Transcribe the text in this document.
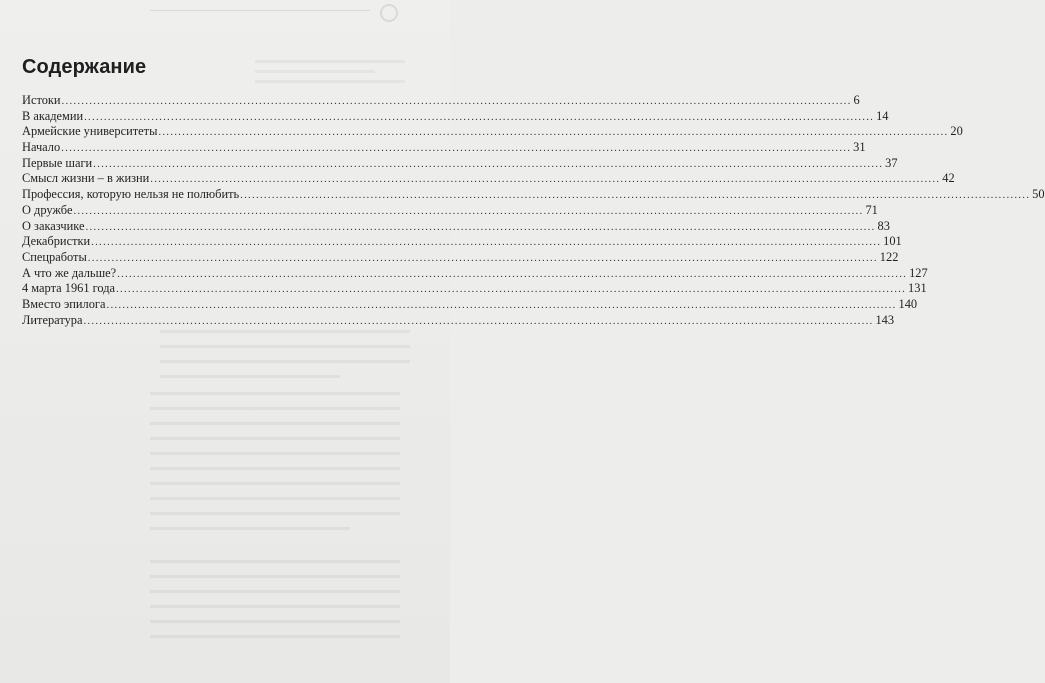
Содержание
Истоки ........................................................................................................................................................................................................ 6
В академии ........................................................................................................................................................................................................ 14
Армейские университеты ........................................................................................................................................................................................................ 20
Начало ........................................................................................................................................................................................................ 31
Первые шаги ........................................................................................................................................................................................................ 37
Смысл жизни – в жизни ........................................................................................................................................................................................................ 42
Профессия, которую нельзя не полюбить ........................................................................................................................................................................................................ 50
О дружбе ........................................................................................................................................................................................................ 71
О заказчике ........................................................................................................................................................................................................ 83
Декабристки ........................................................................................................................................................................................................ 101
Спецработы ........................................................................................................................................................................................................ 122
А что же дальше? ........................................................................................................................................................................................................ 127
4 марта 1961 года ........................................................................................................................................................................................................ 131
Вместо эпилога ........................................................................................................................................................................................................ 140
Литература ........................................................................................................................................................................................................ 143
